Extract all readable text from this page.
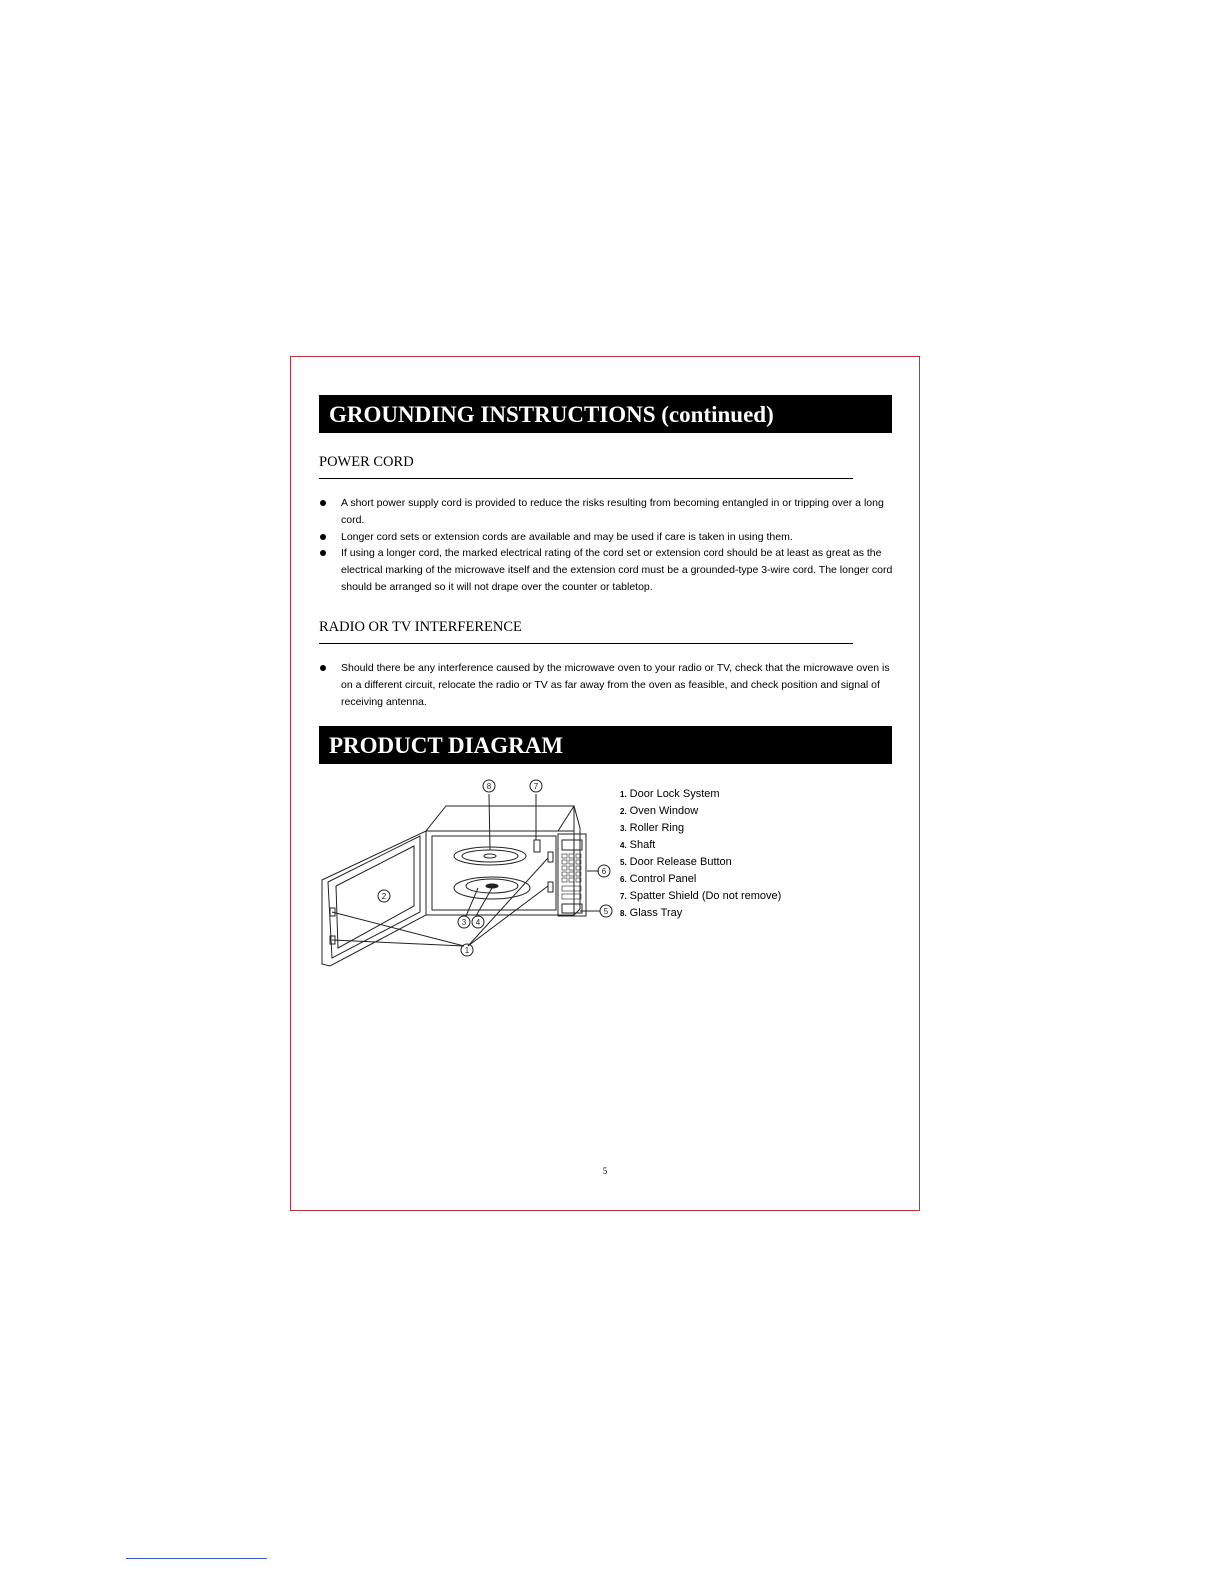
GROUNDING INSTRUCTIONS (continued)
POWER CORD
A short power supply cord is provided to reduce the risks resulting from becoming entangled in or tripping over a long cord.
Longer cord sets or extension cords are available and may be used if care is taken in using them.
If using a longer cord, the marked electrical rating of the cord set or extension cord should be at least as great as the electrical marking of the microwave itself and the extension cord must be a grounded-type 3-wire cord. The longer cord should be arranged so it will not drape over the counter or tabletop.
RADIO OR TV INTERFERENCE
Should there be any interference caused by the microwave oven to your radio or TV, check that the microwave oven is on a different circuit, relocate the radio or TV as far away from the oven as feasible, and check position and signal of receiving antenna.
PRODUCT DIAGRAM
8	7
2
3 4
6
5
1
1. Door Lock System
2. Oven Window
3. Roller Ring
4. Shaft
5. Door Release Button
6. Control Panel
7. Spatter Shield (Do not remove)
8. Glass Tray
5
